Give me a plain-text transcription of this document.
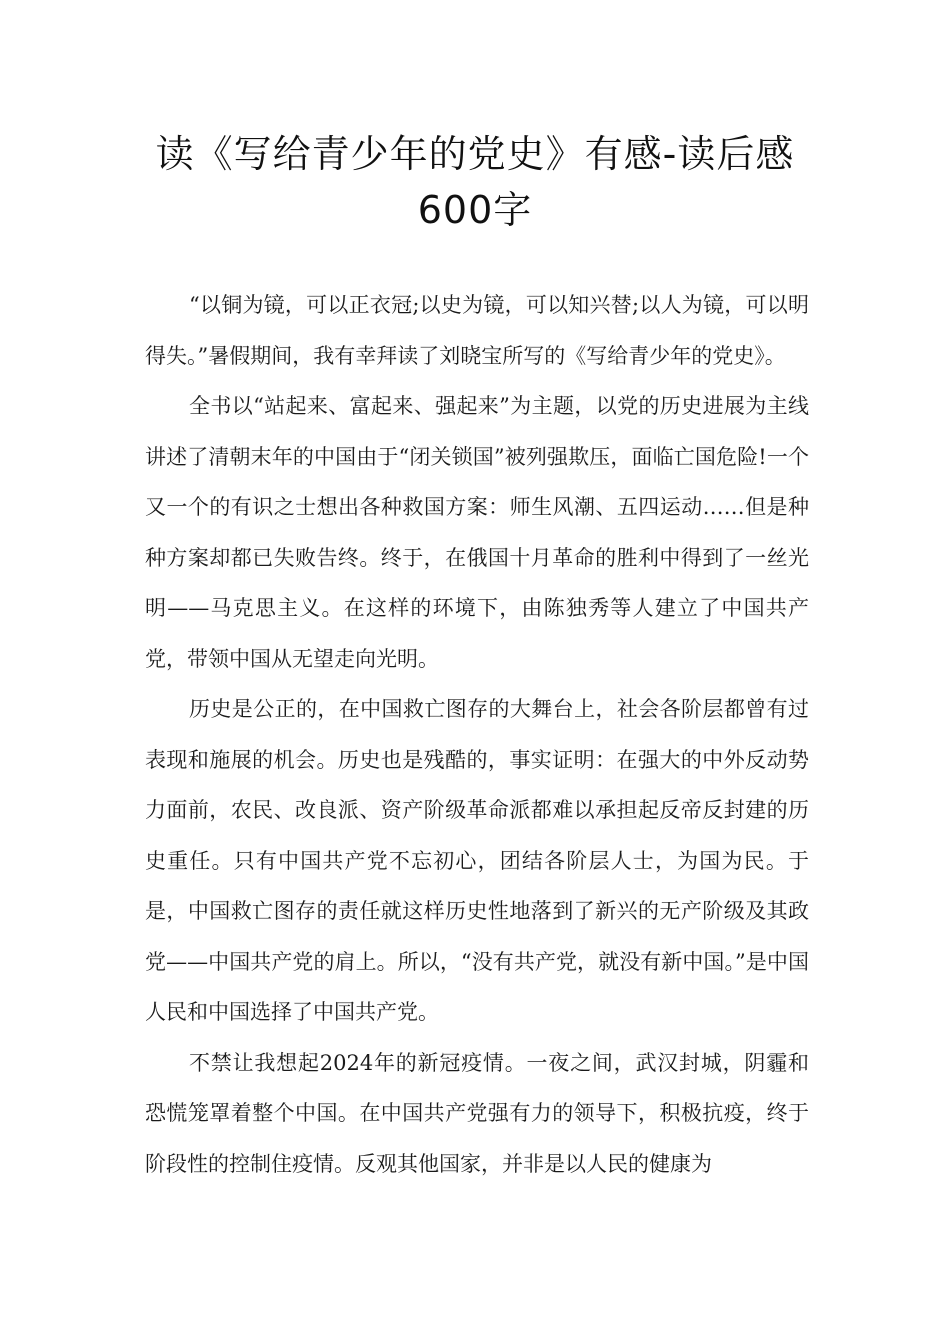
读《写给青少年的党史》有感-读后感
600字

“以铜为镜，可以正衣冠;以史为镜，可以知兴替;以人为镜，可以明得失。”暑假期间，我有幸拜读了刘晓宝所写的《写给青少年的党史》。

全书以“站起来、富起来、强起来”为主题，以党的历史进展为主线讲述了清朝末年的中国由于“闭关锁国”被列强欺压，面临亡国危险!一个又一个的有识之士想出各种救国方案：师生风潮、五四运动……但是种种方案却都已失败告终。终于，在俄国十月革命的胜利中得到了一丝光明——马克思主义。在这样的环境下，由陈独秀等人建立了中国共产党，带领中国从无望走向光明。

历史是公正的，在中国救亡图存的大舞台上，社会各阶层都曾有过表现和施展的机会。历史也是残酷的，事实证明：在强大的中外反动势力面前，农民、改良派、资产阶级革命派都难以承担起反帝反封建的历史重任。只有中国共产党不忘初心，团结各阶层人士，为国为民。于是，中国救亡图存的责任就这样历史性地落到了新兴的无产阶级及其政党——中国共产党的肩上。所以，“没有共产党，就没有新中国。”是中国人民和中国选择了中国共产党。

不禁让我想起2024年的新冠疫情。一夜之间，武汉封城，阴霾和恐慌笼罩着整个中国。在中国共产党强有力的领导下，积极抗疫，终于阶段性的控制住疫情。反观其他国家，并非是以人民的健康为
